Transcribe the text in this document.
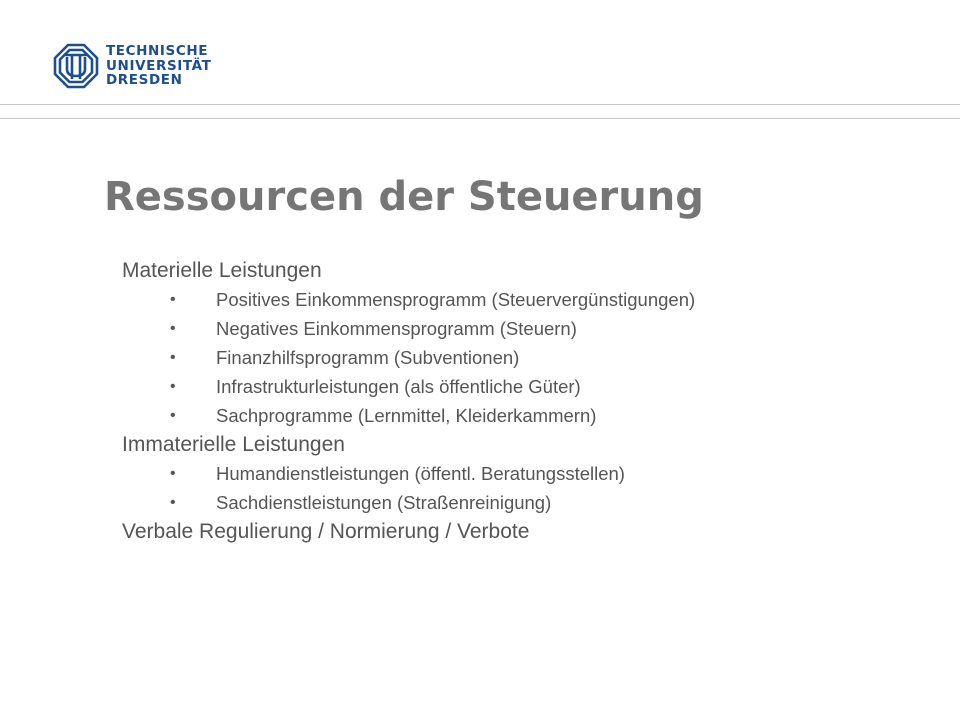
TECHNISCHE
UNIVERSITÄT
DRESDEN
Ressourcen der Steuerung
Materielle Leistungen
• Positives Einkommensprogramm (Steuervergünstigungen)
• Negatives Einkommensprogramm (Steuern)
• Finanzhilfsprogramm (Subventionen)
• Infrastrukturleistungen (als öffentliche Güter)
• Sachprogramme (Lernmittel, Kleiderkammern)
Immaterielle Leistungen
• Humandienstleistungen (öffentl. Beratungsstellen)
• Sachdienstleistungen (Straßenreinigung)
Verbale Regulierung / Normierung / Verbote
